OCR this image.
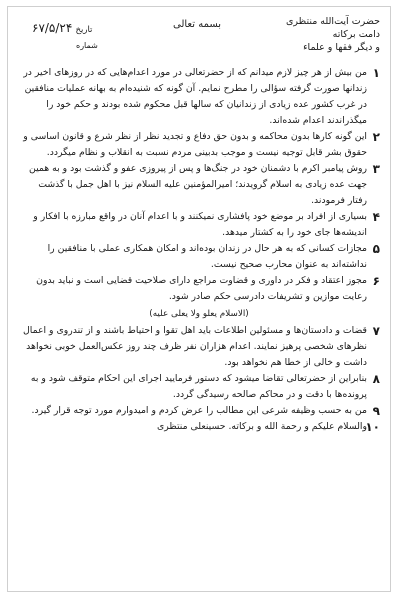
حضرت آیت‌الله منتظری دامت برکاته
و دیگر فقها و علماء
بسمه تعالی
تاریخ ۶۷/۵/۲۴
شماره

۱
من بیش از هر چیز لازم میدانم که از حضرتعالی در مورد اعدام‌هایی که در روزهای اخیر در زندانها صورت گرفته سؤالی را مطرح نمایم. آن گونه که شنیده‌ام به بهانه عملیات منافقین در غرب کشور عده زیادی از زندانیان که سالها قبل محکوم شده بودند و حکم خود را میگذراندند اعدام شده‌اند.

۲
این گونه کارها بدون محاکمه و بدون حق دفاع و تجدید نظر از نظر شرع و قانون اساسی و حقوق بشر قابل توجیه نیست و موجب بدبینی مردم نسبت به انقلاب و نظام میگردد.

۳
روش پیامبر اکرم با دشمنان خود در جنگ‌ها و پس از پیروزی عفو و گذشت بود و به همین جهت عده زیادی به اسلام گرویدند؛ امیرالمؤمنین علیه السلام نیز با اهل جمل با گذشت رفتار فرمودند.

۴
بسیاری از افراد بر موضع خود پافشاری نمیکنند و با اعدام آنان در واقع مبارزه با افکار و اندیشه‌ها جای خود را به کشتار میدهد.

۵
مجازات کسانی که به هر حال در زندان بوده‌اند و امکان همکاری عملی با منافقین را نداشته‌اند به عنوان محارب صحیح نیست.

۶
مجوز اعتقاد و فکر در داوری و قضاوت مراجع دارای صلاحیت قضایی است و نباید بدون رعایت موازین و تشریفات دادرسی حکم صادر شود.

(الاسلام یعلو ولا یعلی علیه)

۷
قضات و دادستان‌ها و مسئولین اطلاعات باید اهل تقوا و احتیاط باشند و از تندروی و اعمال نظرهای شخصی پرهیز نمایند. اعدام هزاران نفر ظرف چند روز عکس‌العمل خوبی نخواهد داشت و خالی از خطا هم نخواهد بود.

۸
بنابراین از حضرتعالی تقاضا میشود که دستور فرمایید اجرای این احکام متوقف شود و به پرونده‌ها با دقت و در محاکم صالحه رسیدگی گردد.

۹
من به حسب وظیفه شرعی این مطالب را عرض کردم و امیدوارم مورد توجه قرار گیرد.

۱۰
والسلام علیکم و رحمة الله و برکاته. حسینعلی منتظری
